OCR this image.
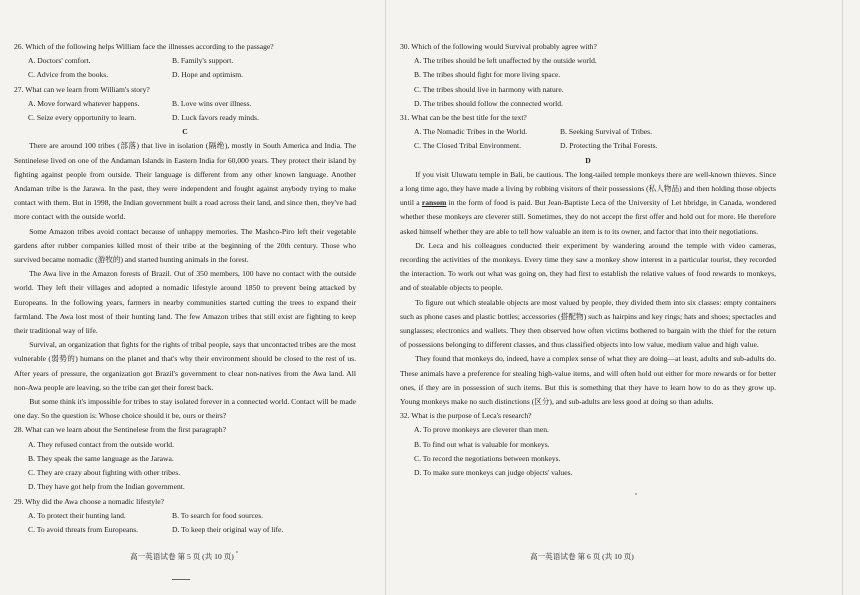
26. Which of the following helps William face the illnesses according to the passage?

A. Doctors' comfort.	B. Family's support.
C. Advice from the books.	D. Hope and optimism.

27. What can we learn from William's story?

A. Move forward whatever happens.	B. Love wins over illness.
C. Seize every opportunity to learn.	D. Luck favors ready minds.

C

There are around 100 tribes (部落) that live in isolation (隔绝), mostly in South America and India. The Sentinelese lived on one of the Andaman Islands in Eastern India for 60,000 years. They protect their island by fighting against people from outside. Their language is different from any other known language. Another Andaman tribe is the Jarawa. In the past, they were independent and fought against anybody trying to make contact with them. But in 1998, the Indian government built a road across their land, and since then, they've had more contact with the outside world.

Some Amazon tribes avoid contact because of unhappy memories. The Mashco-Piro left their vegetable gardens after rubber companies killed most of their tribe at the beginning of the 20th century. Those who survived became nomadic (游牧的) and started hunting animals in the forest.

The Awa live in the Amazon forests of Brazil. Out of 350 members, 100 have no contact with the outside world. They left their villages and adopted a nomadic lifestyle around 1850 to prevent being attacked by Europeans. In the following years, farmers in nearby communities started cutting the trees to expand their farmland. The Awa lost most of their hunting land. The few Amazon tribes that still exist are fighting to keep their traditional way of life.

Survival, an organization that fights for the rights of tribal people, says that uncontacted tribes are the most vulnerable (弱势的) humans on the planet and that's why their environment should be closed to the rest of us. After years of pressure, the organization got Brazil's government to clear non-natives from the Awa land. All non-Awa people are leaving, so the tribe can get their forest back.

But some think it's impossible for tribes to stay isolated forever in a connected world. Contact will be made one day. So the question is: Whose choice should it be, ours or theirs?

28. What can we learn about the Sentinelese from the first paragraph?

A. They refused contact from the outside world.

B. They speak the same language as the Jarawa.

C. They are crazy about fighting with other tribes.

D. They have got help from the Indian government.

29. Why did the Awa choose a nomadic lifestyle?

A. To protect their hunting land.	B. To search for food sources.
C. To avoid threats from Europeans.	D. To keep their original way of life.
高一英语试卷 第 5 页 (共 10 页)

30. Which of the following would Survival probably agree with?

A. The tribes should be left unaffected by the outside world.

B. The tribes should fight for more living space.

C. The tribes should live in harmony with nature.

D. The tribes should follow the connected world.

31. What can be the best title for the text?

A. The Nomadic Tribes in the World.	B. Seeking Survival of Tribes.
C. The Closed Tribal Environment.	D. Protecting the Tribal Forests.

D

If you visit Uluwatu temple in Bali, be cautious. The long-tailed temple monkeys there are well-known thieves. Since a long time ago, they have made a living by robbing visitors of their possessions (私人物品) and then holding those objects until a ransom in the form of food is paid. But Jean-Baptiste Leca of the University of Let hbridge, in Canada, wondered whether these monkeys are cleverer still. Sometimes, they do not accept the first offer and hold out for more. He therefore asked himself whether they are able to tell how valuable an item is to its owner, and factor that into their negotiations.

Dr. Leca and his colleagues conducted their experiment by wandering around the temple with video cameras, recording the activities of the monkeys. Every time they saw a monkey show interest in a particular tourist, they recorded the interaction. To work out what was going on, they had first to establish the relative values of food rewards to monkeys, and of stealable objects to people.

To figure out which stealable objects are most valued by people, they divided them into six classes: empty containers such as phone cases and plastic bottles; accessories (搭配物) such as hairpins and key rings; hats and shoes; spectacles and sunglasses; electronics and wallets. They then observed how often victims bothered to bargain with the thief for the return of possessions belonging to different classes, and thus classified objects into low value, medium value and high value.

They found that monkeys do, indeed, have a complex sense of what they are doing—at least, adults and sub-adults do. These animals have a preference for stealing high-value items, and will often hold out either for more rewards or for better ones, if they are in possession of such items. But this is something that they have to learn how to do as they grow up. Young monkeys make no such distinctions (区分), and sub-adults are less good at doing so than adults.

32. What is the purpose of Leca's research?

A. To prove monkeys are cleverer than men.

B. To find out what is valuable for monkeys.

C. To record the negotiations between monkeys.

D. To make sure monkeys can judge objects' values.

高一英语试卷 第 6 页 (共 10 页)
